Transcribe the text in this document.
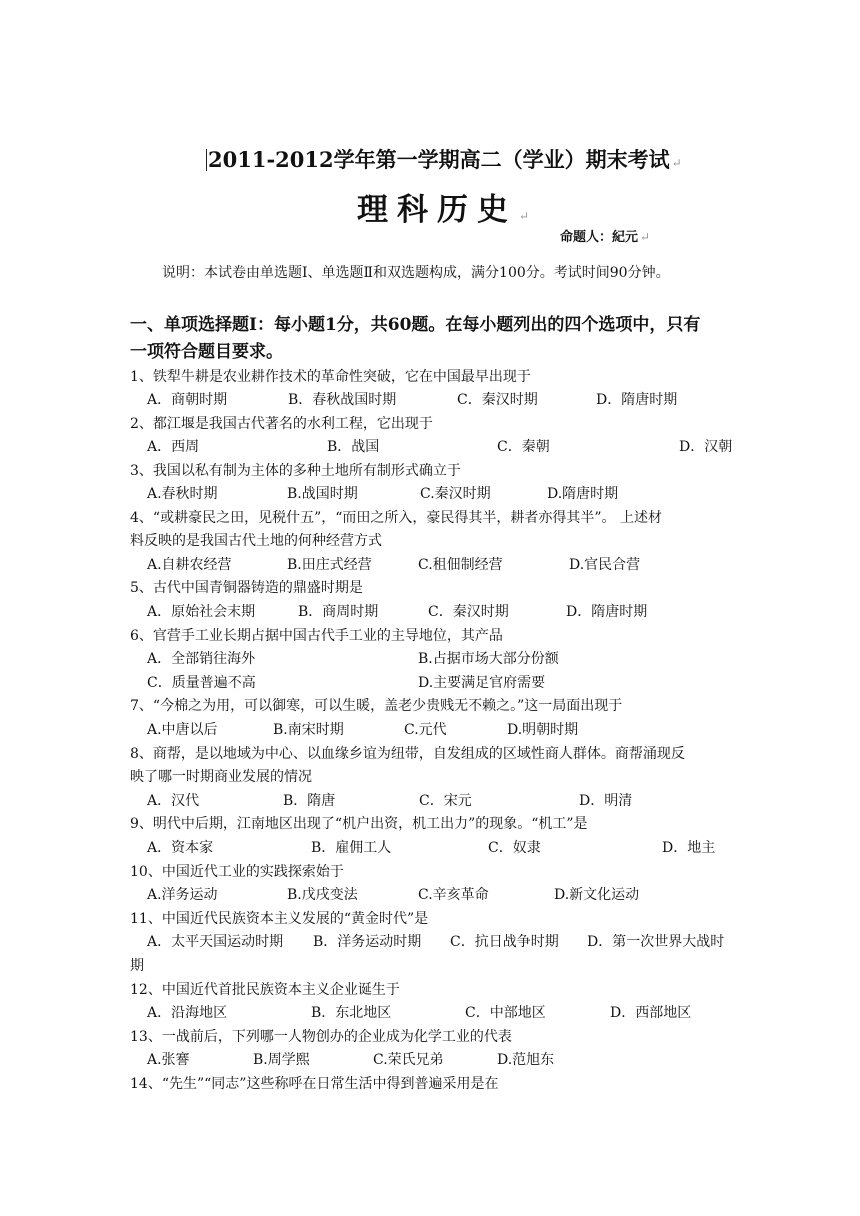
2011-2012学年第一学期高二（学业）期末考试 ↵
理科历史 ↵
命题人：紀元 ↵
说明：本试卷由单选题Ⅰ、单选题Ⅱ和双选题构成，满分100分。考试时间90分钟。
一、单项选择题Ⅰ：每小题1分，共60题。在每小题列出的四个选项中，只有
一项符合题目要求。
1、铁犁牛耕是农业耕作技术的革命性突破，它在中国最早出现于
A．商朝时期	B．春秋战国时期	C．秦汉时期	D．隋唐时期
2、都江堰是我国古代著名的水利工程，它出现于
A．西周	B．战国	C．秦朝	D．汉朝
3、我国以私有制为主体的多种土地所有制形式确立于
A.春秋时期	B.战国时期	C.秦汉时期	D.隋唐时期
4、“或耕豪民之田，见税什五”，“而田之所入，豪民得其半，耕者亦得其半”。 上述材
料反映的是我国古代土地的何种经营方式
A.自耕农经营	B.田庄式经营	C.租佃制经营	D.官民合营
5、古代中国青铜器铸造的鼎盛时期是
A．原始社会末期	B．商周时期	C．秦汉时期	D．隋唐时期
6、官营手工业长期占据中国古代手工业的主导地位，其产品
A．全部销往海外	B.占据市场大部分份额
C．质量普遍不高	D.主要满足官府需要
7、“今棉之为用，可以御寒，可以生暖，盖老少贵贱无不赖之。”这一局面出现于
A.中唐以后	B.南宋时期	C.元代	D.明朝时期
8、商帮，是以地域为中心、以血缘乡谊为纽带，自发组成的区域性商人群体。商帮涌现反
映了哪一时期商业发展的情况
A．汉代	B．隋唐	C．宋元	D．明清
9、明代中后期，江南地区出现了“机户出资，机工出力”的现象。“机工”是
A．资本家	B．雇佣工人	C．奴隶	D．地主
10、中国近代工业的实践探索始于
A.洋务运动	B.戊戌变法	C.辛亥革命	D.新文化运动
11、中国近代民族资本主义发展的“黄金时代”是
A．太平天国运动时期 B．洋务运动时期 C．抗日战争时期 D．第一次世界大战时
期
12、中国近代首批民族资本主义企业诞生于
A．沿海地区	B．东北地区	C．中部地区	D．西部地区
13、一战前后，下列哪一人物创办的企业成为化学工业的代表
A.张謇	B.周学熙	C.荣氏兄弟	D.范旭东
14、“先生”“同志”这些称呼在日常生活中得到普遍采用是在
